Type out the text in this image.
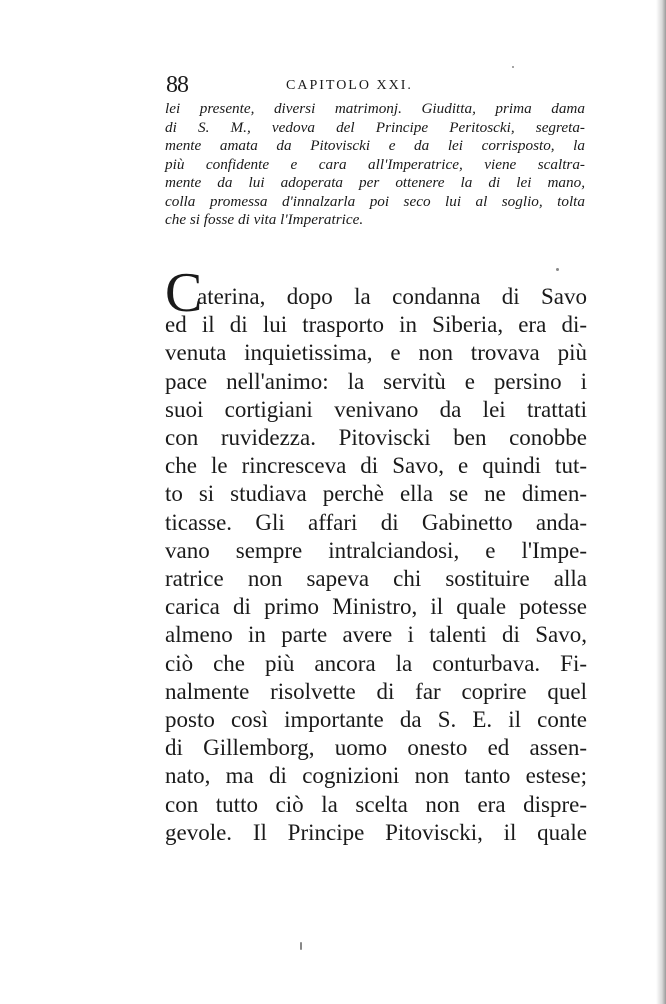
88	CAPITOLO XXI.
lei presente, diversi matrimonj. Giuditta, prima dama
di S. M., vedova del Principe Peritoscki, segreta-
mente amata da Pitoviscki e da lei corrisposto, la
più confidente e cara all'Imperatrice, viene scaltra-
mente da lui adoperata per ottenere la di lei mano,
colla promessa d'innalzarla poi seco lui al soglio, tolta
che si fosse di vita l'Imperatrice.
C
aterina, dopo la condanna di Savo
ed il di lui trasporto in Siberia, era di-
venuta inquietissima, e non trovava più
pace nell'animo: la servitù e persino i
suoi cortigiani venivano da lei trattati
con ruvidezza. Pitoviscki ben conobbe
che le rincresceva di Savo, e quindi tut-
to si studiava perchè ella se ne dimen-
ticasse. Gli affari di Gabinetto anda-
vano sempre intralciandosi, e l'Impe-
ratrice non sapeva chi sostituire alla
carica di primo Ministro, il quale potesse
almeno in parte avere i talenti di Savo,
ciò che più ancora la conturbava. Fi-
nalmente risolvette di far coprire quel
posto così importante da S. E. il conte
di Gillemborg, uomo onesto ed assen-
nato, ma di cognizioni non tanto estese;
con tutto ciò la scelta non era dispre-
gevole. Il Principe Pitoviscki, il quale
